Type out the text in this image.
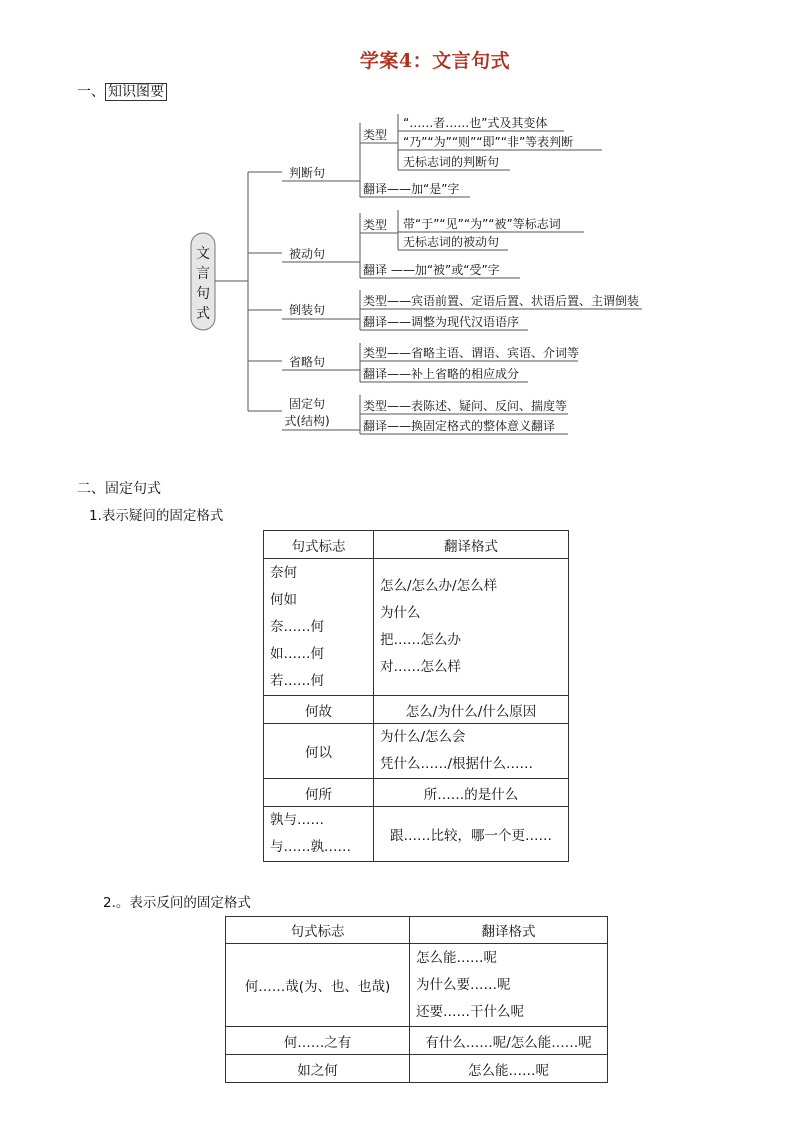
学案4：文言句式
一、 知识图要
文
言
句
式
判断句
被动句
倒装句
省略句
固定句
式(结构)
类型
“……者……也”式及其变体
“乃”“为”“则”“即”“非”等表判断
无标志词的判断句
翻译——加“是”字
类型 带“于”“见”“为”“被”等标志词
无标志词的被动句
翻译 ——加“被”或“受”字
类型——宾语前置、定语后置、状语后置、主谓倒装
翻译——调整为现代汉语语序
类型——省略主语、谓语、宾语、介词等
翻译——补上省略的相应成分
类型——表陈述、疑问、反问、揣度等
翻译——换固定格式的整体意义翻译
二、固定句式
1.表示疑问的固定格式
句式标志	翻译格式

奈何
何如
奈……何
如……何
若……何	怎么/怎么办/怎么样
为什么
把……怎么办
对……怎么样

何故	怎么/为什么/什么原因
何以	为什么/怎么会
凭什么……/根据什么……

何所	所……的是什么

孰与……
与……孰……	跟……比较，哪一个更……
2.。表示反问的固定格式
句式标志	翻译格式
何……哉(为、也、也哉)	怎么能……呢
为什么要……呢
还要……干什么呢

何……之有	有什么……呢/怎么能……呢
如之何	怎么能……呢
